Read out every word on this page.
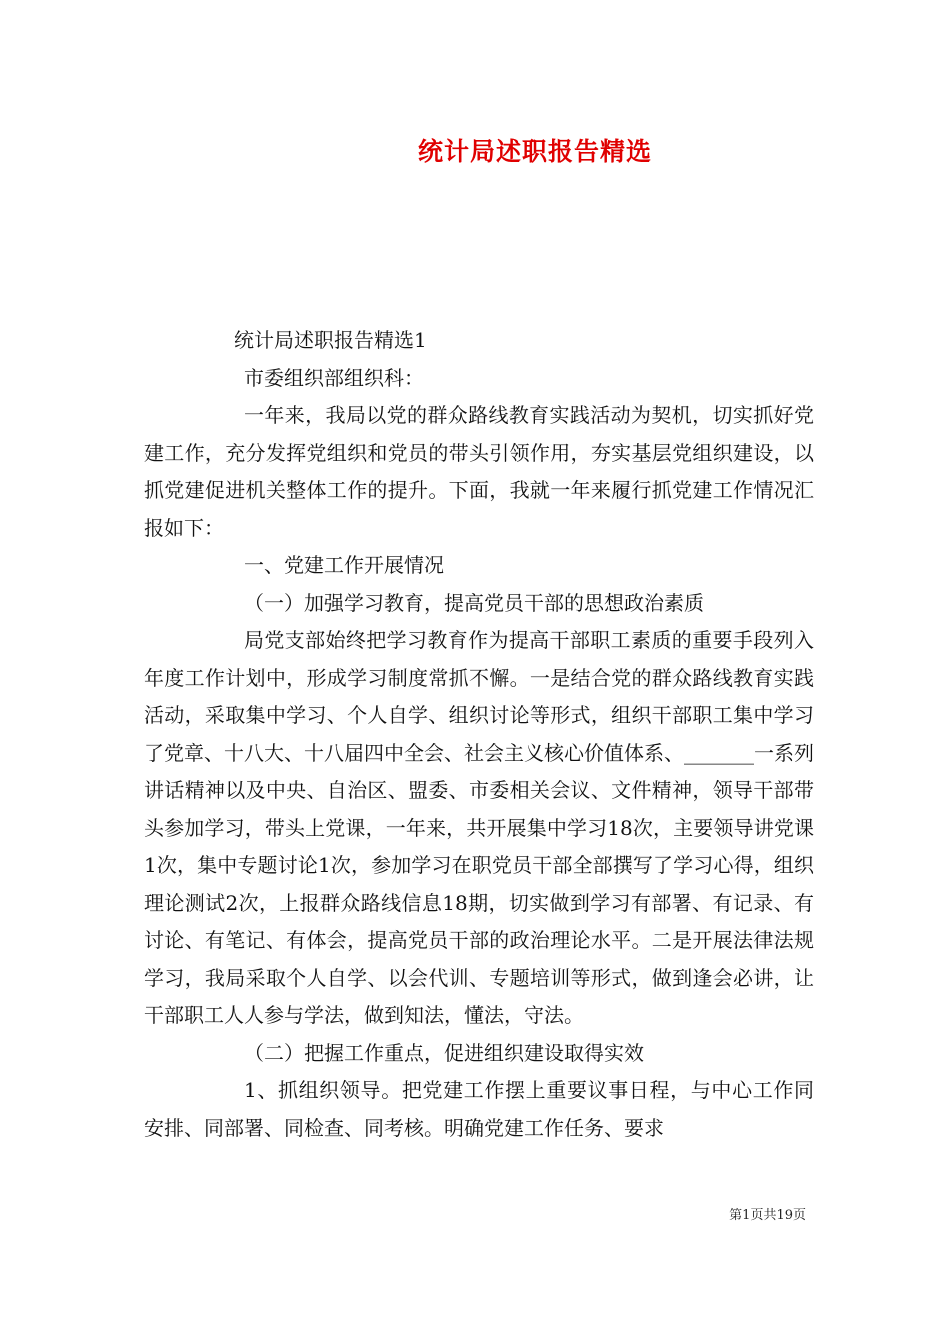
统计局述职报告精选

统计局述职报告精选1

市委组织部组织科：

一年来，我局以党的群众路线教育实践活动为契机，切实抓好党建工作，充分发挥党组织和党员的带头引领作用，夯实基层党组织建设，以抓党建促进机关整体工作的提升。下面，我就一年来履行抓党建工作情况汇报如下：

一、党建工作开展情况

（一）加强学习教育，提高党员干部的思想政治素质

局党支部始终把学习教育作为提高干部职工素质的重要手段列入年度工作计划中，形成学习制度常抓不懈。一是结合党的群众路线教育实践活动，采取集中学习、个人自学、组织讨论等形式，组织干部职工集中学习了党章、十八大、十八届四中全会、社会主义核心价值体系、_______一系列讲话精神以及中央、自治区、盟委、市委相关会议、文件精神，领导干部带头参加学习，带头上党课，一年来，共开展集中学习18次，主要领导讲党课1次，集中专题讨论1次，参加学习在职党员干部全部撰写了学习心得，组织理论测试2次，上报群众路线信息18期，切实做到学习有部署、有记录、有讨论、有笔记、有体会，提高党员干部的政治理论水平。二是开展法律法规学习，我局采取个人自学、以会代训、专题培训等形式，做到逢会必讲，让干部职工人人参与学法，做到知法，懂法，守法。

（二）把握工作重点，促进组织建设取得实效

1、抓组织领导。把党建工作摆上重要议事日程，与中心工作同安排、同部署、同检查、同考核。明确党建工作任务、要求

第1页共19页
